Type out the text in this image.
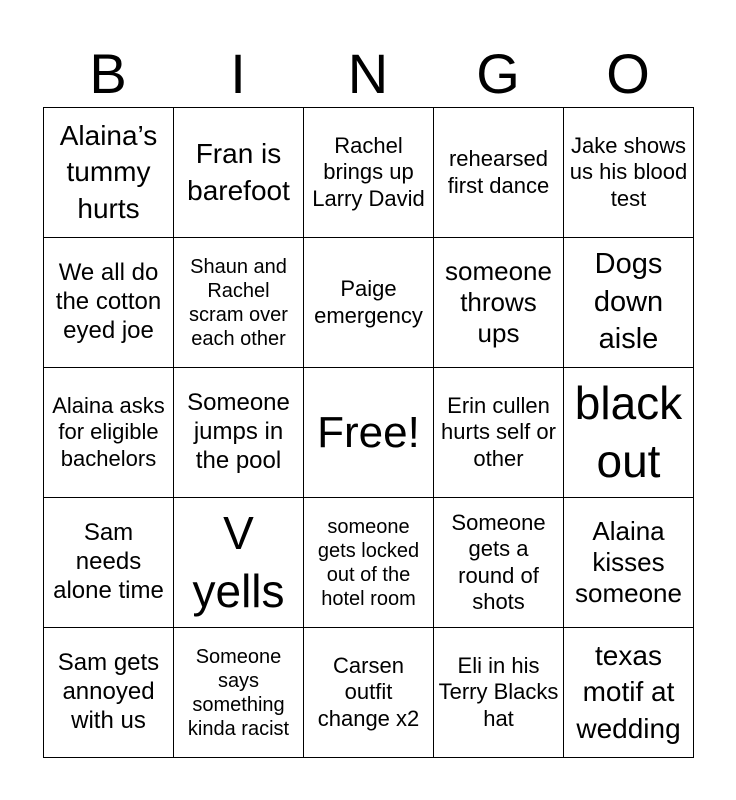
B	I	N	G	O
Alaina’s tummy hurts
Fran is barefoot
Rachel brings up Larry David
rehearsed first dance
Jake shows us his blood test
We all do the cotton eyed joe
Shaun and Rachel scram over each other
Paige emergency
someone throws ups
Dogs down aisle
Alaina asks for eligible bachelors
Someone jumps in the pool
Free!
Erin cullen hurts self or other
black out
Sam needs alone time
V yells
someone gets locked out of the hotel room
Someone gets a round of shots
Alaina kisses someone
Sam gets annoyed with us
Someone says something kinda racist
Carsen outfit change x2
Eli in his Terry Blacks hat
texas motif at wedding
